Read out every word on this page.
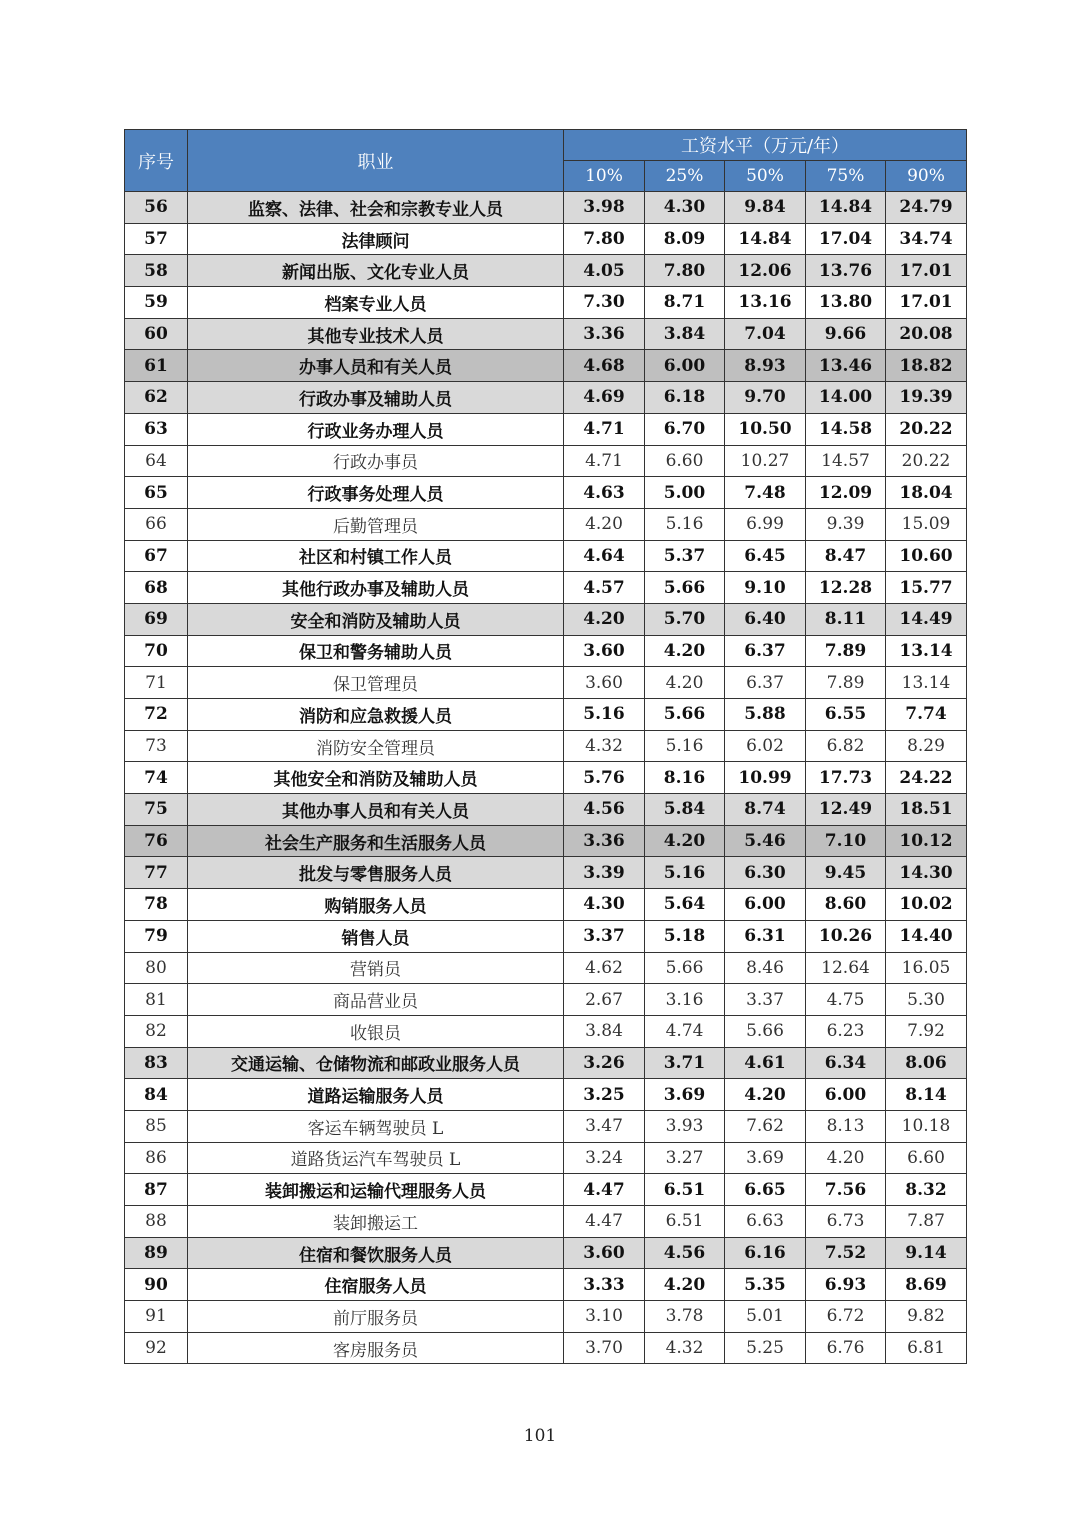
序号	职业	工资水平（万元/年）				
		10%	25%	50%	75%	90%
56	监察、法律、社会和宗教专业人员	3.98	4.30	9.84	14.84	24.79
57	法律顾问	7.80	8.09	14.84	17.04	34.74
58	新闻出版、文化专业人员	4.05	7.80	12.06	13.76	17.01
59	档案专业人员	7.30	8.71	13.16	13.80	17.01
60	其他专业技术人员	3.36	3.84	7.04	9.66	20.08
61	办事人员和有关人员	4.68	6.00	8.93	13.46	18.82
62	行政办事及辅助人员	4.69	6.18	9.70	14.00	19.39
63	行政业务办理人员	4.71	6.70	10.50	14.58	20.22
64	行政办事员	4.71	6.60	10.27	14.57	20.22
65	行政事务处理人员	4.63	5.00	7.48	12.09	18.04
66	后勤管理员	4.20	5.16	6.99	9.39	15.09
67	社区和村镇工作人员	4.64	5.37	6.45	8.47	10.60
68	其他行政办事及辅助人员	4.57	5.66	9.10	12.28	15.77
69	安全和消防及辅助人员	4.20	5.70	6.40	8.11	14.49
70	保卫和警务辅助人员	3.60	4.20	6.37	7.89	13.14
71	保卫管理员	3.60	4.20	6.37	7.89	13.14
72	消防和应急救援人员	5.16	5.66	5.88	6.55	7.74
73	消防安全管理员	4.32	5.16	6.02	6.82	8.29
74	其他安全和消防及辅助人员	5.76	8.16	10.99	17.73	24.22
75	其他办事人员和有关人员	4.56	5.84	8.74	12.49	18.51
76	社会生产服务和生活服务人员	3.36	4.20	5.46	7.10	10.12
77	批发与零售服务人员	3.39	5.16	6.30	9.45	14.30
78	购销服务人员	4.30	5.64	6.00	8.60	10.02
79	销售人员	3.37	5.18	6.31	10.26	14.40
80	营销员	4.62	5.66	8.46	12.64	16.05
81	商品营业员	2.67	3.16	3.37	4.75	5.30
82	收银员	3.84	4.74	5.66	6.23	7.92
83	交通运输、仓储物流和邮政业服务人员	3.26	3.71	4.61	6.34	8.06
84	道路运输服务人员	3.25	3.69	4.20	6.00	8.14
85	客运车辆驾驶员 L	3.47	3.93	7.62	8.13	10.18
86	道路货运汽车驾驶员 L	3.24	3.27	3.69	4.20	6.60
87	装卸搬运和运输代理服务人员	4.47	6.51	6.65	7.56	8.32
88	装卸搬运工	4.47	6.51	6.63	6.73	7.87
89	住宿和餐饮服务人员	3.60	4.56	6.16	7.52	9.14
90	住宿服务人员	3.33	4.20	5.35	6.93	8.69
91	前厅服务员	3.10	3.78	5.01	6.72	9.82
92	客房服务员	3.70	4.32	5.25	6.76	6.81
101
